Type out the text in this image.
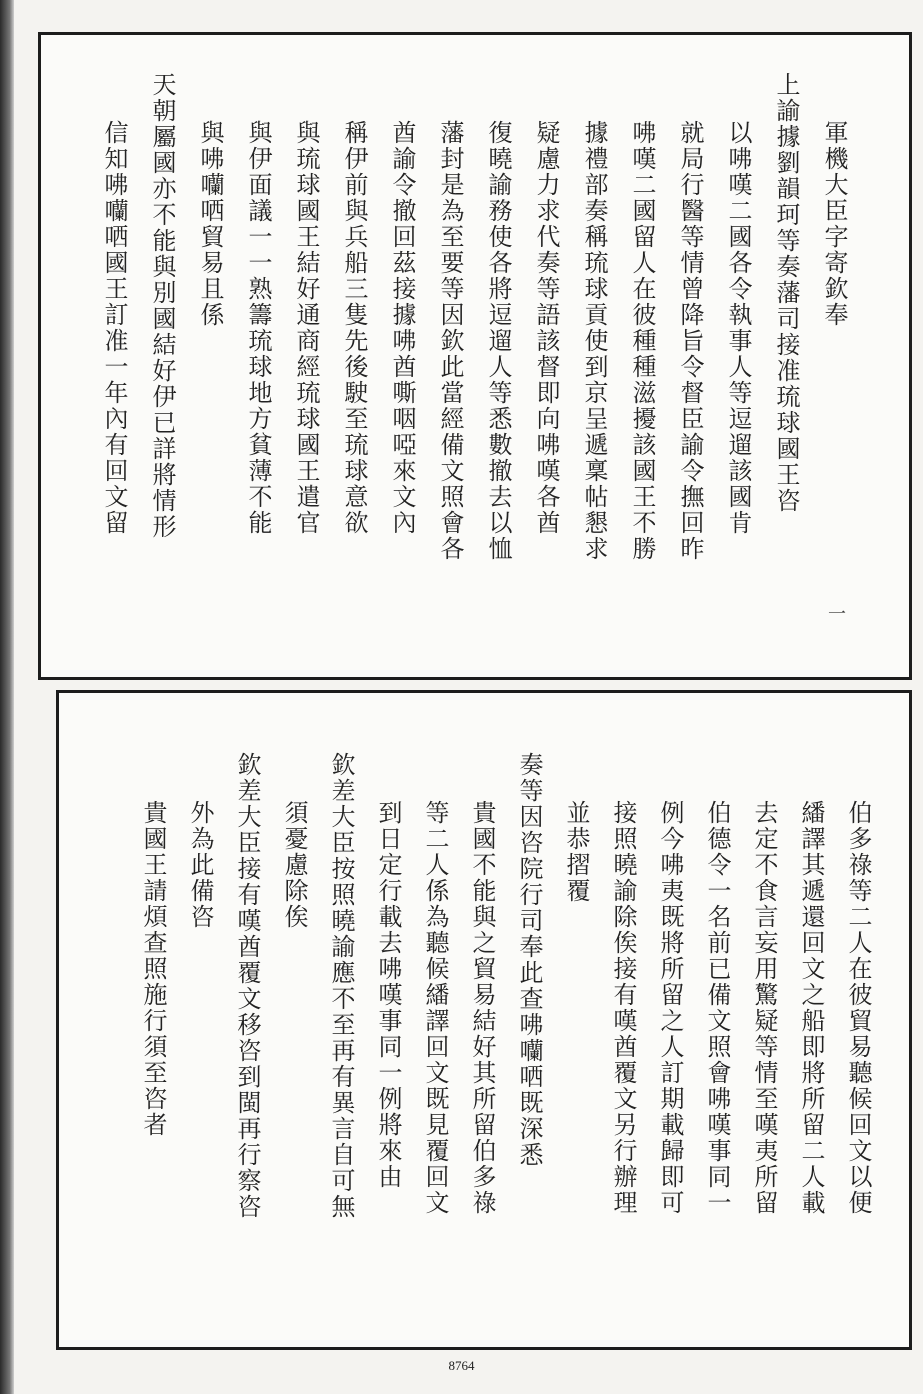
一
8764
軍機大臣字寄欽奉
上諭據劉韻珂等奏藩司接准琉球國王咨
以咈嘆二國各令執事人等逗遛該國肯
就局行醫等情曾降旨令督臣諭令撫回昨
咈嘆二國留人在彼種種滋擾該國王不勝
據禮部奏稱琉球貢使到京呈遞稟帖懇求
疑慮力求代奏等語該督即向咈嘆各酋
復曉諭務使各將逗遛人等悉數撤去以恤
藩封是為至要等因欽此當經備文照會各
酋諭令撤回茲接據咈酋嘶咽啞來文內
稱伊前與兵船三隻先後駛至琉球意欲
與琉球國王結好通商經琉球國王遣官
與伊面議一一熟籌琉球地方貧薄不能
與咈囒哂貿易且係
天朝屬國亦不能與別國結好伊已詳將情形
信知咈囒哂國王訂准一年內有回文留
伯多祿等二人在彼貿易聽候回文以便
繙譯其遞還回文之船即將所留二人載
去定不食言妄用驚疑等情至嘆夷所留
伯德令一名前已備文照會咈嘆事同一
例今咈夷既將所留之人訂期載歸即可
接照曉諭除俟接有嘆酋覆文另行辦理
並恭摺覆
奏等因咨院行司奉此查咈囒哂既深悉
貴國不能與之貿易結好其所留伯多祿
等二人係為聽候繙譯回文既見覆回文
到日定行載去咈嘆事同一例將來由
欽差大臣按照曉諭應不至再有異言自可無
須憂慮除俟
欽差大臣接有嘆酋覆文移咨到閩再行察咨
外為此備咨
貴國王請煩查照施行須至咨者
